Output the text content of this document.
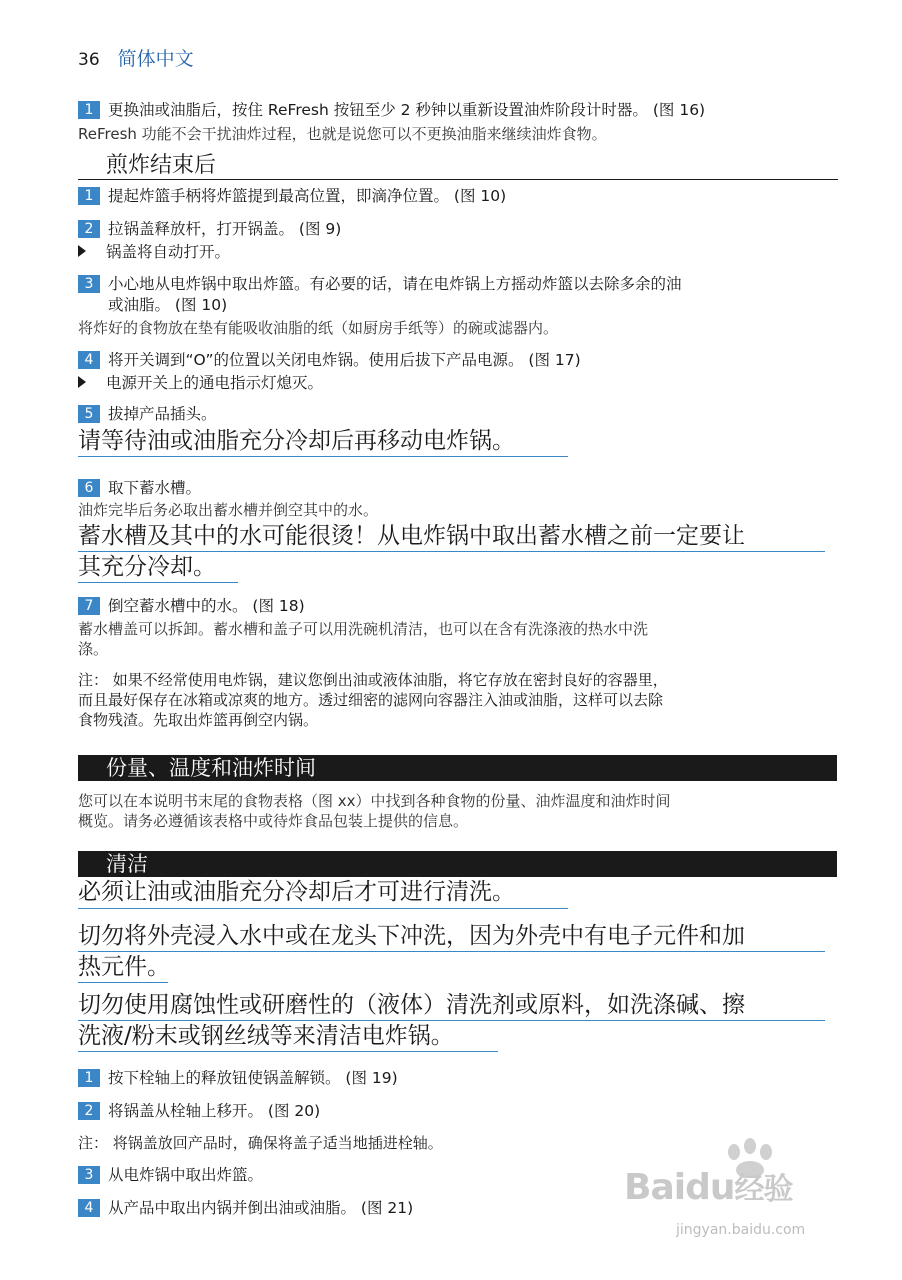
36 简体中文
1 更换油或油脂后，按住 ReFresh 按钮至少 2 秒钟以重新设置油炸阶段计时器。 (图 16)
ReFresh 功能不会干扰油炸过程，也就是说您可以不更换油脂来继续油炸食物。
煎炸结束后
1 提起炸篮手柄将炸篮提到最高位置，即滴净位置。 (图 10)
2 拉锅盖释放杆，打开锅盖。 (图 9)
锅盖将自动打开。
3 小心地从电炸锅中取出炸篮。有必要的话，请在电炸锅上方摇动炸篮以去除多余的油
或油脂。 (图 10)
将炸好的食物放在垫有能吸收油脂的纸（如厨房手纸等）的碗或滤器内。
4 将开关调到“O”的位置以关闭电炸锅。使用后拔下产品电源。 (图 17)
电源开关上的通电指示灯熄灭。
5 拔掉产品插头。
请等待油或油脂充分冷却后再移动电炸锅。
6 取下蓄水槽。
油炸完毕后务必取出蓄水槽并倒空其中的水。
蓄水槽及其中的水可能很烫！从电炸锅中取出蓄水槽之前一定要让
其充分冷却。
7 倒空蓄水槽中的水。 (图 18)
蓄水槽盖可以拆卸。蓄水槽和盖子可以用洗碗机清洁，也可以在含有洗涤液的热水中洗
涤。
注： 如果不经常使用电炸锅，建议您倒出油或液体油脂，将它存放在密封良好的容器里，
而且最好保存在冰箱或凉爽的地方。透过细密的滤网向容器注入油或油脂，这样可以去除
食物残渣。先取出炸篮再倒空内锅。
份量、温度和油炸时间
您可以在本说明书末尾的食物表格（图 xx）中找到各种食物的份量、油炸温度和油炸时间
概览。请务必遵循该表格中或待炸食品包装上提供的信息。
清洁
必须让油或油脂充分冷却后才可进行清洗。
切勿将外壳浸入水中或在龙头下冲洗，因为外壳中有电子元件和加
热元件。
切勿使用腐蚀性或研磨性的（液体）清洗剂或原料，如洗涤碱、擦
洗液/粉末或钢丝绒等来清洁电炸锅。
1 按下栓轴上的释放钮使锅盖解锁。 (图 19)
2 将锅盖从栓轴上移开。 (图 20)
注： 将锅盖放回产品时，确保将盖子适当地插进栓轴。
3 从电炸锅中取出炸篮。
4 从产品中取出内锅并倒出油或油脂。 (图 21)	Baidu经验
jingyan.baidu.com
